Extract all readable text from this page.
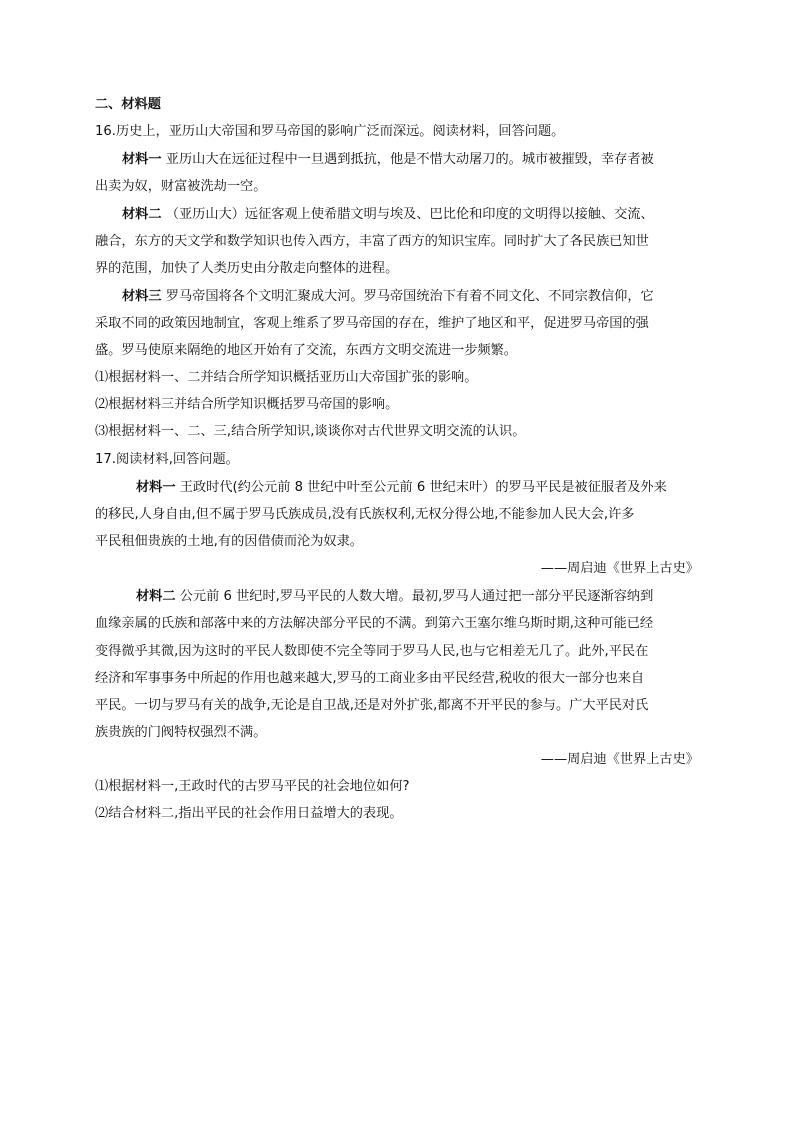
二、材料题
16.历史上，亚历山大帝国和罗马帝国的影响广泛而深远。阅读材料，回答问题。
材料一 亚历山大在远征过程中一旦遇到抵抗，他是不惜大动屠刀的。城市被摧毁，幸存者被
出卖为奴，财富被洗劫一空。
材料二 （亚历山大）远征客观上使希腊文明与埃及、巴比伦和印度的文明得以接触、交流、
融合，东方的天文学和数学知识也传入西方，丰富了西方的知识宝库。同时扩大了各民族已知世
界的范围，加快了人类历史由分散走向整体的进程。
材料三 罗马帝国将各个文明汇聚成大河。罗马帝国统治下有着不同文化、不同宗教信仰，它
采取不同的政策因地制宜，客观上维系了罗马帝国的存在，维护了地区和平，促进罗马帝国的强
盛。罗马使原来隔绝的地区开始有了交流，东西方文明交流进一步频繁。
⑴根据材料一、二并结合所学知识概括亚历山大帝国扩张的影响。
⑵根据材料三并结合所学知识概括罗马帝国的影响。
⑶根据材料一、二、三,结合所学知识,谈谈你对古代世界文明交流的认识。
17.阅读材料,回答问题。
材料一 王政时代(约公元前 8 世纪中叶至公元前 6 世纪末叶）的罗马平民是被征服者及外来
的移民,人身自由,但不属于罗马氏族成员,没有氏族权利,无权分得公地,不能参加人民大会,许多
平民租佃贵族的土地,有的因借债而沦为奴隶。
——周启迪《世界上古史》
材料二 公元前 6 世纪时,罗马平民的人数大增。最初,罗马人通过把一部分平民逐渐容纳到
血缘亲属的氏族和部落中来的方法解决部分平民的不满。到第六王塞尔维乌斯时期,这种可能已经
变得微乎其微,因为这时的平民人数即使不完全等同于罗马人民,也与它相差无几了。此外,平民在
经济和军事事务中所起的作用也越来越大,罗马的工商业多由平民经营,税收的很大一部分也来自
平民。一切与罗马有关的战争,无论是自卫战,还是对外扩张,都离不开平民的参与。广大平民对氏
族贵族的门阀特权强烈不满。
——周启迪《世界上古史》
⑴根据材料一,王政时代的古罗马平民的社会地位如何?
⑵结合材料二,指出平民的社会作用日益增大的表现。
